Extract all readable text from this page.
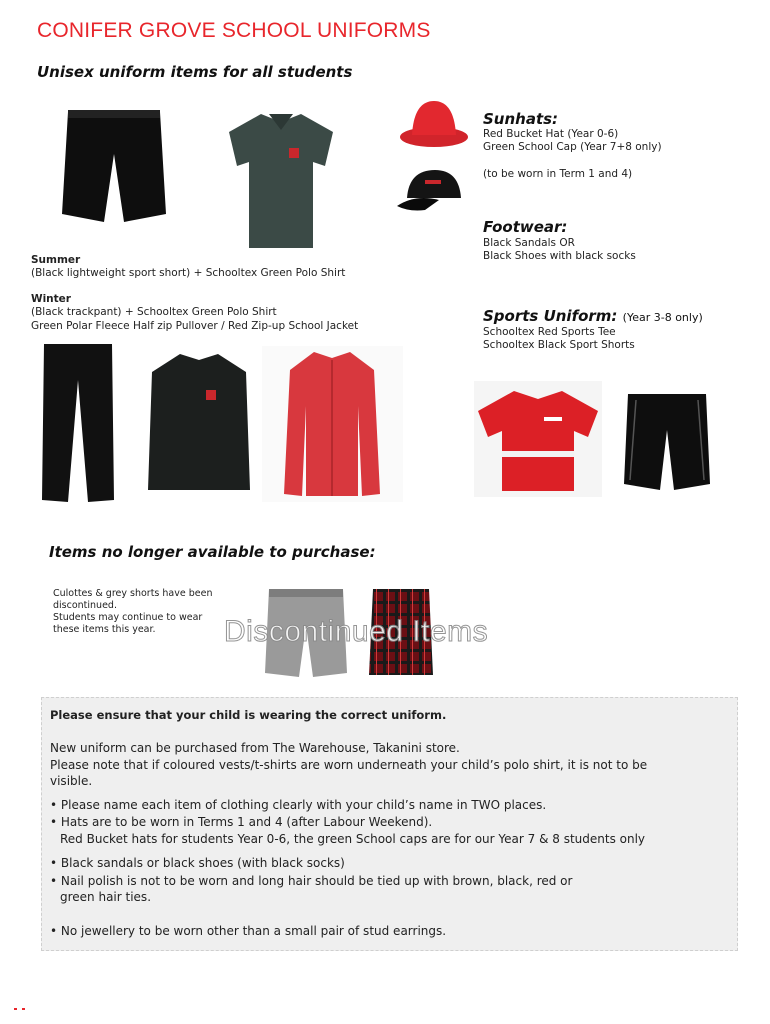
CONIFER GROVE SCHOOL UNIFORMS
Unisex uniform items for all students
Summer
(Black lightweight sport short) + Schooltex Green Polo Shirt
Winter
(Black trackpant) + Schooltex Green Polo Shirt
Green Polar Fleece Half zip Pullover / Red Zip-up School Jacket
Sunhats:
Red Bucket Hat (Year 0-6)
Green School Cap (Year 7+8 only)
(to be worn in Term 1 and 4)
Footwear:
Black Sandals OR
Black Shoes with black socks
Sports Uniform: (Year 3-8 only)
Schooltex Red Sports Tee
Schooltex Black Sport Shorts
Items no longer available to purchase:
Culottes & grey shorts have been
discontinued.
Students may continue to wear
these items this year.	Discontinued Items
Please ensure that your child is wearing the correct uniform.
New uniform can be purchased from The Warehouse, Takanini store.
Please note that if coloured vests/t-shirts are worn underneath your child’s polo shirt, it is not to be
visible.
• Please name each item of clothing clearly with your child’s name in TWO places.
• Hats are to be worn in Terms 1 and 4 (after Labour Weekend).
Red Bucket hats for students Year 0-6, the green School caps are for our Year 7 & 8 students only
• Black sandals or black shoes (with black socks)
• Nail polish is not to be worn and long hair should be tied up with brown, black, red or
green hair ties.
• No jewellery to be worn other than a small pair of stud earrings.
